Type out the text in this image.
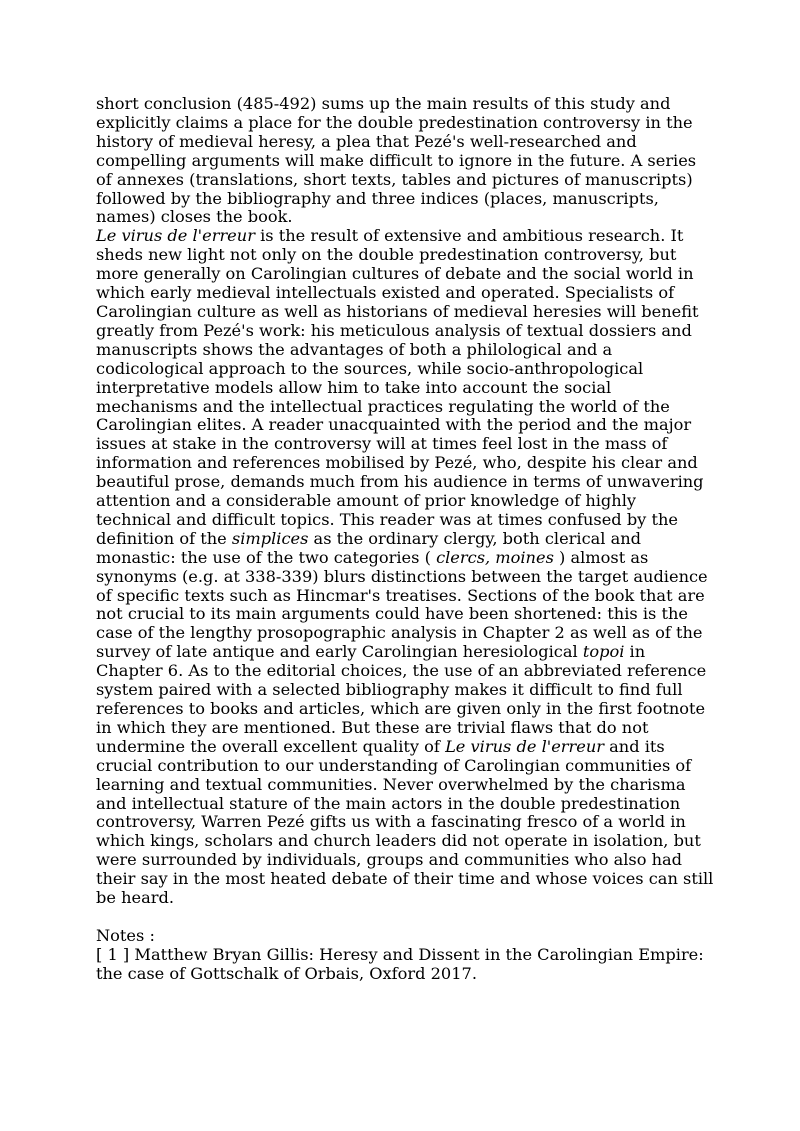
short conclusion (485-492) sums up the main results of this study and explicitly claims a place for the double predestination controversy in the history of medieval heresy, a plea that Pezé's well-researched and compelling arguments will make difficult to ignore in the future. A series of annexes (translations, short texts, tables and pictures of manuscripts) followed by the bibliography and three indices (places, manuscripts, names) closes the book.

Le virus de l'erreur is the result of extensive and ambitious research. It sheds new light not only on the double predestination controversy, but more generally on Carolingian cultures of debate and the social world in which early medieval intellectuals existed and operated. Specialists of Carolingian culture as well as historians of medieval heresies will benefit greatly from Pezé's work: his meticulous analysis of textual dossiers and manuscripts shows the advantages of both a philological and a codicological approach to the sources, while socio-anthropological interpretative models allow him to take into account the social mechanisms and the intellectual practices regulating the world of the Carolingian elites. A reader unacquainted with the period and the major issues at stake in the controversy will at times feel lost in the mass of information and references mobilised by Pezé, who, despite his clear and beautiful prose, demands much from his audience in terms of unwavering attention and a considerable amount of prior knowledge of highly technical and difficult topics. This reader was at times confused by the definition of the simplices as the ordinary clergy, both clerical and monastic: the use of the two categories ( clercs, moines ) almost as synonyms (e.g. at 338-339) blurs distinctions between the target audience of specific texts such as Hincmar's treatises. Sections of the book that are not crucial to its main arguments could have been shortened: this is the case of the lengthy prosopographic analysis in Chapter 2 as well as of the survey of late antique and early Carolingian heresiological topoi in Chapter 6. As to the editorial choices, the use of an abbreviated reference system paired with a selected bibliography makes it difficult to find full references to books and articles, which are given only in the first footnote in which they are mentioned. But these are trivial flaws that do not undermine the overall excellent quality of Le virus de l'erreur and its crucial contribution to our understanding of Carolingian communities of learning and textual communities. Never overwhelmed by the charisma and intellectual stature of the main actors in the double predestination controversy, Warren Pezé gifts us with a fascinating fresco of a world in which kings, scholars and church leaders did not operate in isolation, but were surrounded by individuals, groups and communities who also had their say in the most heated debate of their time and whose voices can still be heard.

Notes :

[ 1 ] Matthew Bryan Gillis: Heresy and Dissent in the Carolingian Empire: the case of Gottschalk of Orbais, Oxford 2017.
